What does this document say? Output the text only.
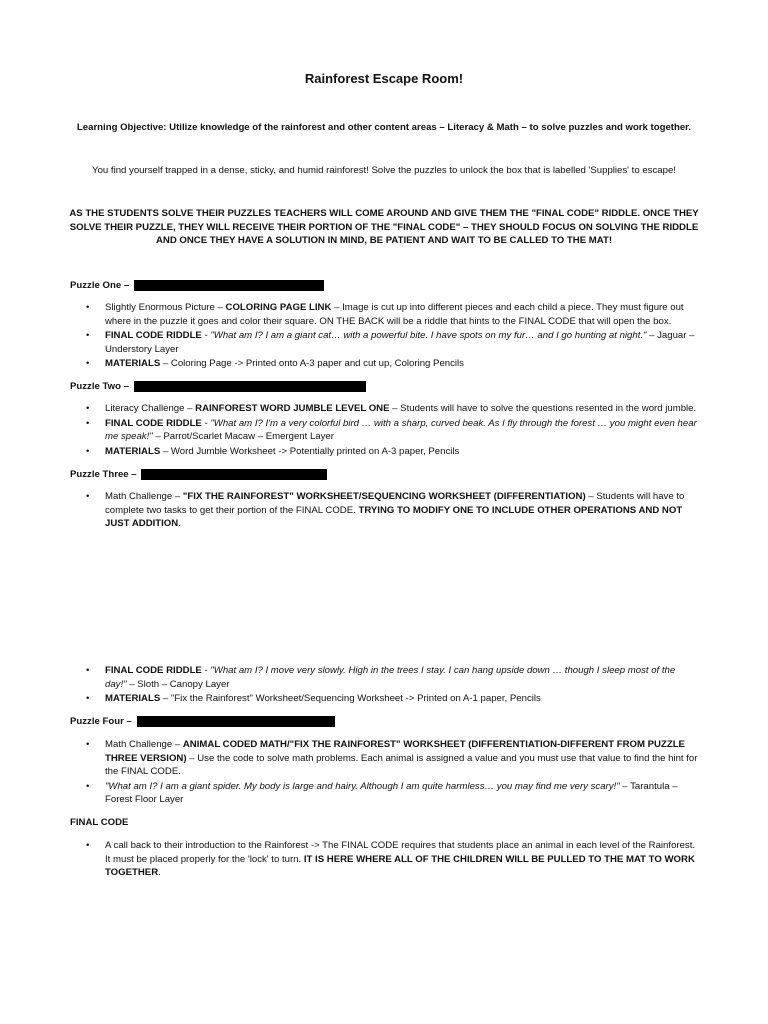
Rainforest Escape Room!
Learning Objective: Utilize knowledge of the rainforest and other content areas – Literacy & Math – to solve puzzles and work together.
You find yourself trapped in a dense, sticky, and humid rainforest! Solve the puzzles to unlock the box that is labelled 'Supplies' to escape!
AS THE STUDENTS SOLVE THEIR PUZZLES TEACHERS WILL COME AROUND AND GIVE THEM THE "FINAL CODE" RIDDLE. ONCE THEY SOLVE THEIR PUZZLE, THEY WILL RECEIVE THEIR PORTION OF THE "FINAL CODE" – THEY SHOULD FOCUS ON SOLVING THE RIDDLE AND ONCE THEY HAVE A SOLUTION IN MIND, BE PATIENT AND WAIT TO BE CALLED TO THE MAT!
Puzzle One –
• Slightly Enormous Picture – COLORING PAGE LINK – Image is cut up into different pieces and each child a piece. They must figure out where in the puzzle it goes and color their square. ON THE BACK will be a riddle that hints to the FINAL CODE that will open the box.
• FINAL CODE RIDDLE - "What am I? I am a giant cat… with a powerful bite. I have spots on my fur… and I go hunting at night." – Jaguar – Understory Layer
• MATERIALS – Coloring Page -> Printed onto A-3 paper and cut up, Coloring Pencils
Puzzle Two –
• Literacy Challenge – RAINFOREST WORD JUMBLE LEVEL ONE – Students will have to solve the questions resented in the word jumble.
• FINAL CODE RIDDLE - "What am I? I'm a very colorful bird … with a sharp, curved beak. As I fly through the forest … you might even hear me speak!" – Parrot/Scarlet Macaw – Emergent Layer
• MATERIALS – Word Jumble Worksheet -> Potentially printed on A-3 paper, Pencils
Puzzle Three –
• Math Challenge – "FIX THE RAINFOREST" WORKSHEET/SEQUENCING WORKSHEET (DIFFERENTIATION) – Students will have to complete two tasks to get their portion of the FINAL CODE. TRYING TO MODIFY ONE TO INCLUDE OTHER OPERATIONS AND NOT JUST ADDITION.
• FINAL CODE RIDDLE - "What am I? I move very slowly. High in the trees I stay. I can hang upside down … though I sleep most of the day!" – Sloth – Canopy Layer
• MATERIALS – "Fix the Rainforest" Worksheet/Sequencing Worksheet -> Printed on A-1 paper, Pencils
Puzzle Four –
• Math Challenge – ANIMAL CODED MATH/"FIX THE RAINFOREST" WORKSHEET (DIFFERENTIATION-DIFFERENT FROM PUZZLE THREE VERSION) – Use the code to solve math problems. Each animal is assigned a value and you must use that value to find the hint for the FINAL CODE.
• "What am I? I am a giant spider. My body is large and hairy. Although I am quite harmless… you may find me very scary!" – Tarantula – Forest Floor Layer
FINAL CODE
• A call back to their introduction to the Rainforest -> The FINAL CODE requires that students place an animal in each level of the Rainforest. It must be placed properly for the 'lock' to turn. IT IS HERE WHERE ALL OF THE CHILDREN WILL BE PULLED TO THE MAT TO WORK TOGETHER.
